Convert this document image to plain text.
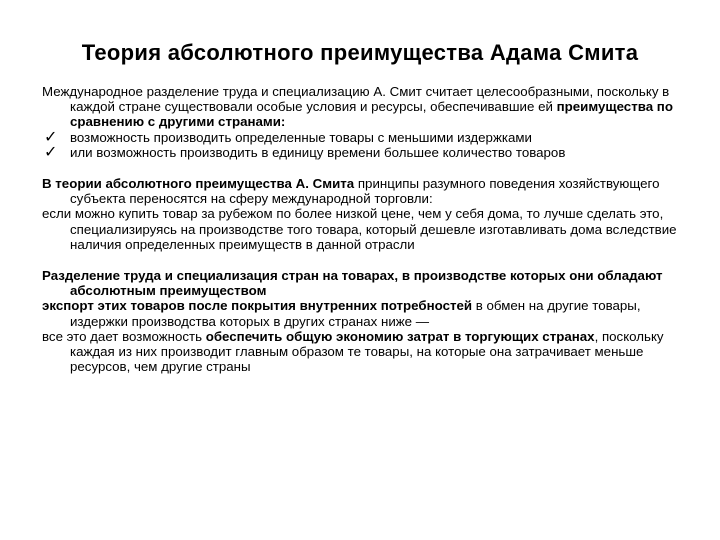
Теория абсолютного преимущества Адама Смита

Международное разделение труда и специализацию А. Смит считает целесообразными, поскольку в каждой стране существовали особые условия и ресурсы, обеспечивавшие ей преимущества по сравнению с другими странами:

✓ возможность производить определенные товары с меньшими издержками
✓ или возможность производить в единицу времени большее количество товаров

В теории абсолютного преимущества А. Смита принципы разумного поведения хозяйствующего субъекта переносятся на сферу международной торговли:

если можно купить товар за рубежом по более низкой цене, чем у себя дома, то лучше сделать это, специализируясь на производстве того товара, который дешевле изготавливать дома вследствие наличия определенных преимуществ в данной отрасли

Разделение труда и специализация стран на товарах, в производстве которых они обладают абсолютным преимуществом

экспорт этих товаров после покрытия внутренних потребностей в обмен на другие товары, издержки производства которых в других странах ниже —

все это дает возможность обеспечить общую экономию затрат в торгующих странах, поскольку каждая из них производит главным образом те товары, на которые она затрачивает меньше ресурсов, чем другие страны
